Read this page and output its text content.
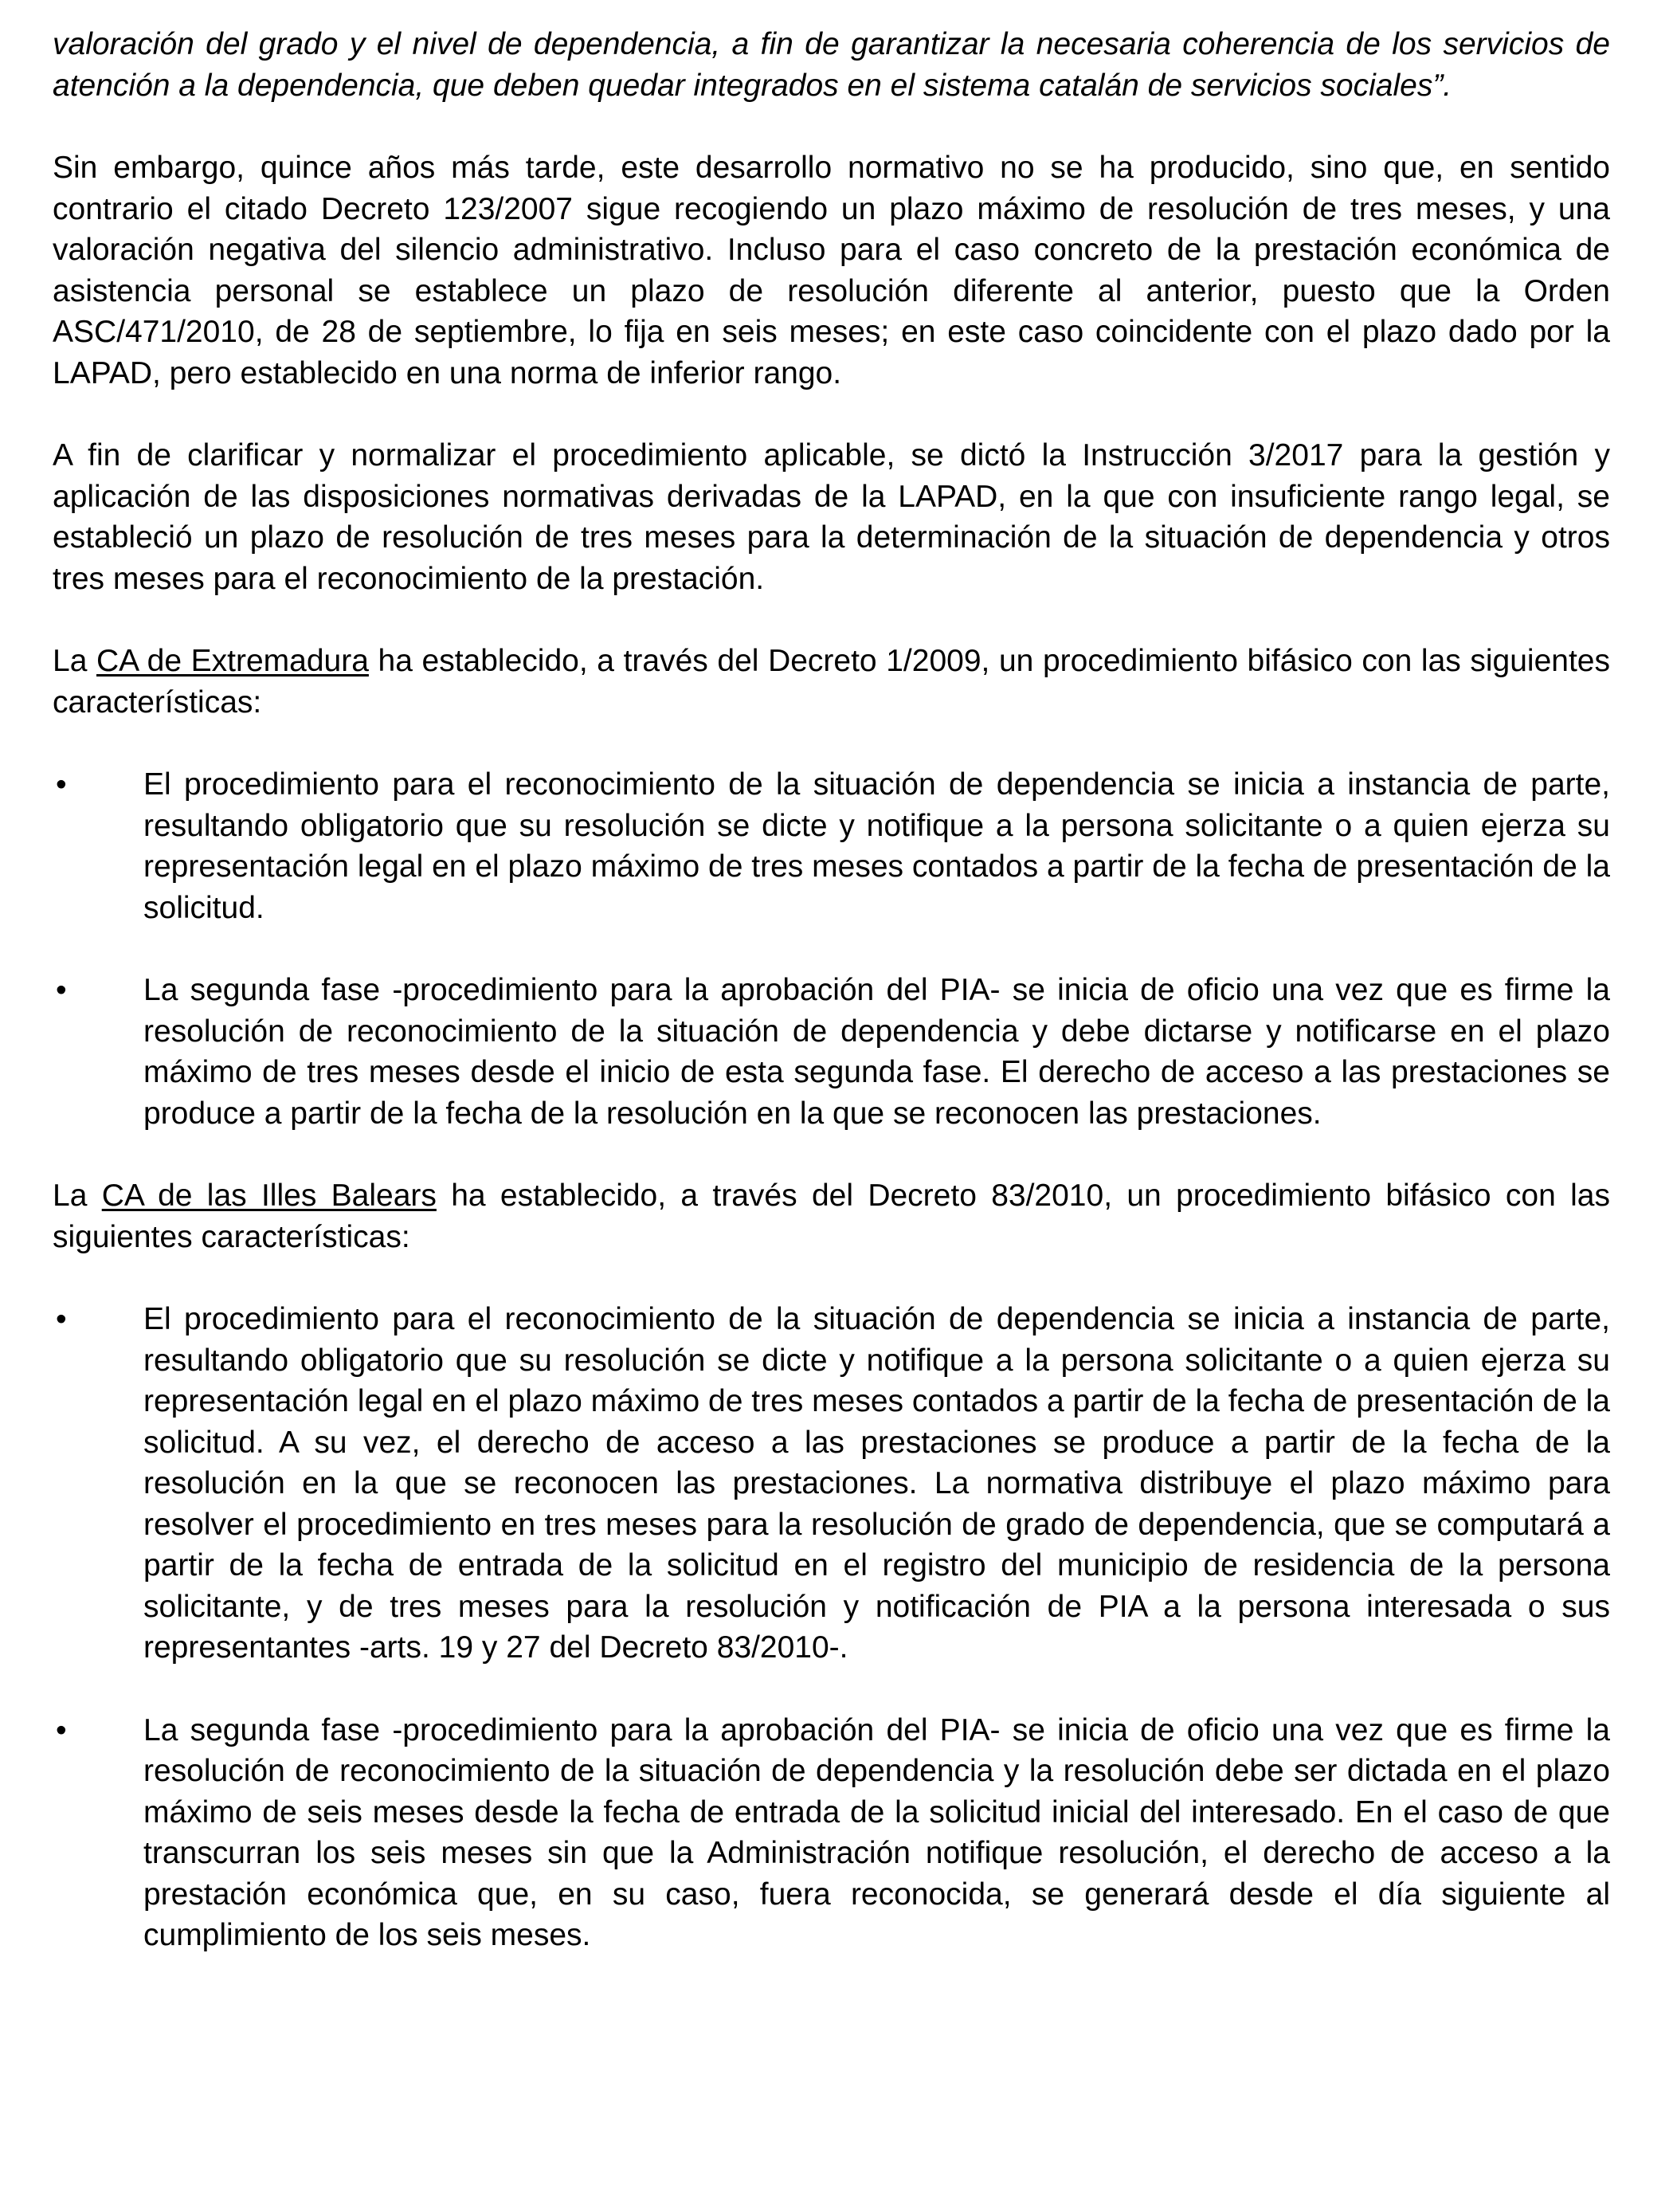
valoración del grado y el nivel de dependencia, a fin de garantizar la necesaria coherencia de los servicios de atención a la dependencia, que deben quedar integrados en el sistema catalán de servicios sociales”.

Sin embargo, quince años más tarde, este desarrollo normativo no se ha producido, sino que, en sentido contrario el citado Decreto 123/2007 sigue recogiendo un plazo máximo de resolución de tres meses, y una valoración negativa del silencio administrativo. Incluso para el caso concreto de la prestación económica de asistencia personal se establece un plazo de resolución diferente al anterior, puesto que la Orden ASC/471/2010, de 28 de septiembre, lo fija en seis meses; en este caso coincidente con el plazo dado por la LAPAD, pero establecido en una norma de inferior rango.

A fin de clarificar y normalizar el procedimiento aplicable, se dictó la Instrucción 3/2017 para la gestión y aplicación de las disposiciones normativas derivadas de la LAPAD, en la que con insuficiente rango legal, se estableció un plazo de resolución de tres meses para la determinación de la situación de dependencia y otros tres meses para el reconocimiento de la prestación.

La CA de Extremadura ha establecido, a través del Decreto 1/2009, un procedimiento bifásico con las siguientes características:

• El procedimiento para el reconocimiento de la situación de dependencia se inicia a instancia de parte, resultando obligatorio que su resolución se dicte y notifique a la persona solicitante o a quien ejerza su representación legal en el plazo máximo de tres meses contados a partir de la fecha de presentación de la solicitud.
• La segunda fase -procedimiento para la aprobación del PIA- se inicia de oficio una vez que es firme la resolución de reconocimiento de la situación de dependencia y debe dictarse y notificarse en el plazo máximo de tres meses desde el inicio de esta segunda fase. El derecho de acceso a las prestaciones se produce a partir de la fecha de la resolución en la que se reconocen las prestaciones.

La CA de las Illes Balears ha establecido, a través del Decreto 83/2010, un procedimiento bifásico con las siguientes características:

• El procedimiento para el reconocimiento de la situación de dependencia se inicia a instancia de parte, resultando obligatorio que su resolución se dicte y notifique a la persona solicitante o a quien ejerza su representación legal en el plazo máximo de tres meses contados a partir de la fecha de presentación de la solicitud. A su vez, el derecho de acceso a las prestaciones se produce a partir de la fecha de la resolución en la que se reconocen las prestaciones. La normativa distribuye el plazo máximo para resolver el procedimiento en tres meses para la resolución de grado de dependencia, que se computará a partir de la fecha de entrada de la solicitud en el registro del municipio de residencia de la persona solicitante, y de tres meses para la resolución y notificación de PIA a la persona interesada o sus representantes -arts. 19 y 27 del Decreto 83/2010-.
• La segunda fase -procedimiento para la aprobación del PIA- se inicia de oficio una vez que es firme la resolución de reconocimiento de la situación de dependencia y la resolución debe ser dictada en el plazo máximo de seis meses desde la fecha de entrada de la solicitud inicial del interesado. En el caso de que transcurran los seis meses sin que la Administración notifique resolución, el derecho de acceso a la prestación económica que, en su caso, fuera reconocida, se generará desde el día siguiente al cumplimiento de los seis meses.
